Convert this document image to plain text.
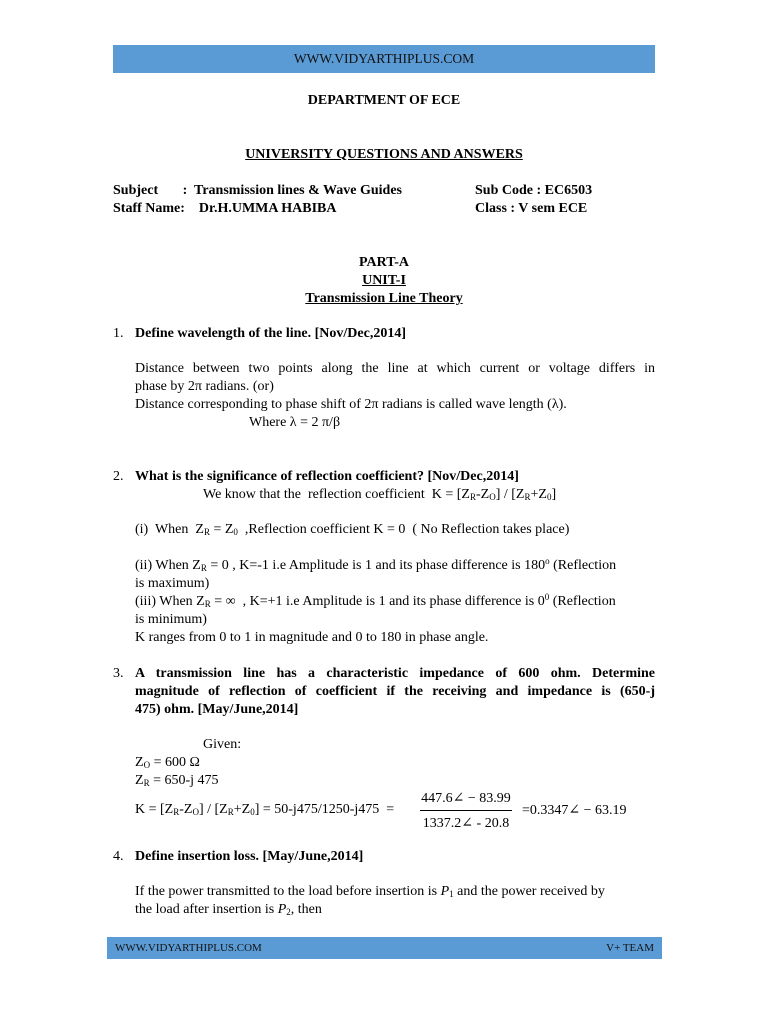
WWW.VIDYARTHIPLUS.COM
DEPARTMENT OF ECE
UNIVERSITY QUESTIONS AND ANSWERS
Subject       :  Transmission lines & Wave Guides	Sub Code : EC6503
Staff Name:    Dr.H.UMMA HABIBA	Class : V sem ECE
PART-A
UNIT-I
Transmission Line Theory
1. Define wavelength of the line. [Nov/Dec,2014]
Distance between two points along the line at which current or voltage differs in
phase by 2π radians. (or)
Distance corresponding to phase shift of 2π radians is called wave length (λ).
Where λ = 2 π/β
2. What is the significance of reflection coefficient? [Nov/Dec,2014]
We know that the  reflection coefficient  $K = [Z_R-Z_O] / [Z_R+Z_0]$
(i)  When  $Z_R = Z_0$  ,Reflection coefficient K = 0  ( No Reflection takes place)
(ii) When $Z_R = 0$ , K=-1 i.e Amplitude is 1 and its phase difference is 180$^o$ (Reflection
is maximum)
(iii) When $Z_R$ = ∞  , K=+1 i.e Amplitude is 1 and its phase difference is $0^0$ (Reflection
is minimum)
K ranges from 0 to 1 in magnitude and 0 to 180 in phase angle.
3. A transmission line has a characteristic impedance of 600 ohm. Determine
magnitude of reflection of coefficient if the receiving and impedance is (650-j
475) ohm. [May/June,2014]
Given:
$Z_O = 600$ Ω
$Z_R = 650-j$ 475
$K = [Z_R-Z_O] / [Z_R+Z_0] = 50-j475/1250-j475 = \frac{447.6\angle - 83.99}{1337.2\angle - 20.8}$ =0.3347∠ − 63.19
4. Define insertion loss. [May/June,2014]
If the power transmitted to the load before insertion is $P_1$ and the power received by
the load after insertion is $P_2$, then
WWW.VIDYARTHIPLUS.COM	V+ TEAM
